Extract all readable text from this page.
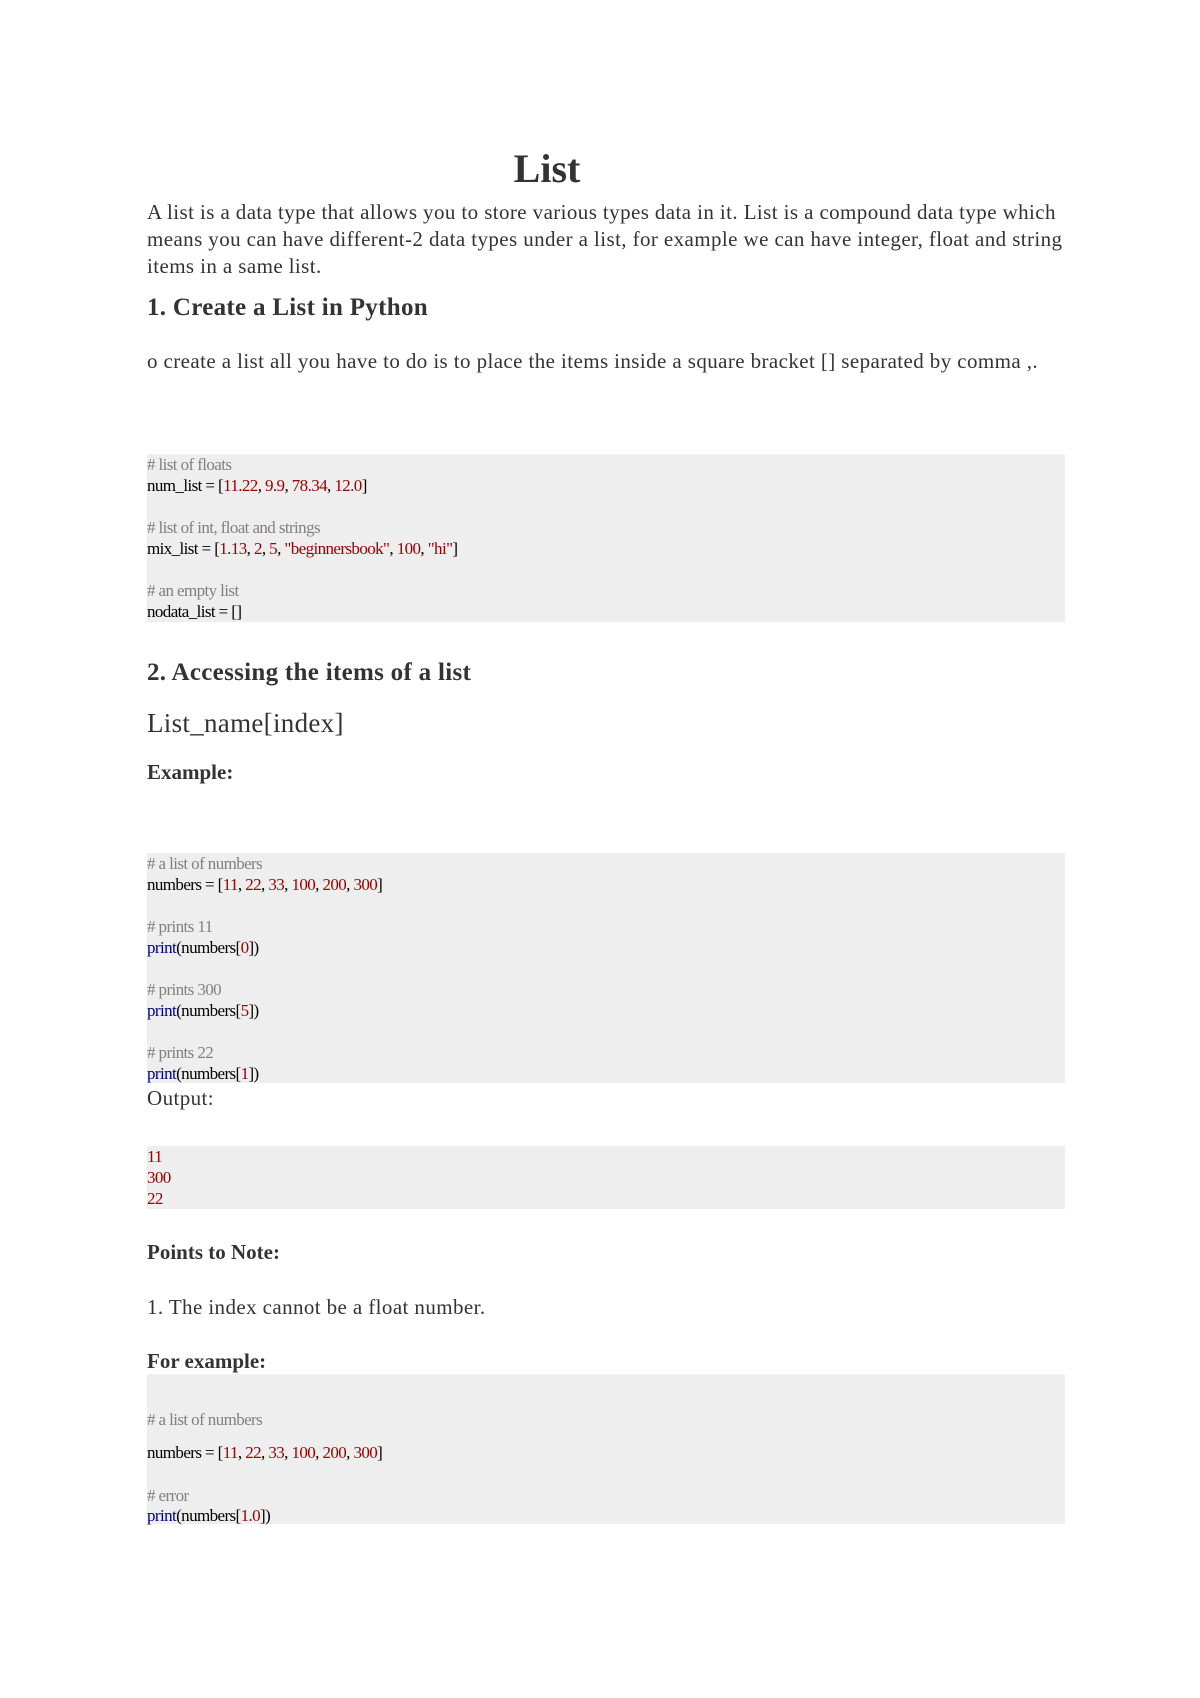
List

A list is a data type that allows you to store various types data in it. List is a compound data type which means you can have different-2 data types under a list, for example we can have integer, float and string items in a same list.

1. Create a List in Python

o create a list all you have to do is to place the items inside a square bracket [] separated by comma ,.

# list of floats
num_list = [11.22, 9.9, 78.34, 12.0]
# list of int, float and strings
mix_list = [1.13, 2, 5, "beginnersbook", 100, "hi"]
# an empty list
nodata_list = []
2. Accessing the items of a list
List_name[index]
Example:
# a list of numbers
numbers = [11, 22, 33, 100, 200, 300]
# prints 11
print(numbers[0])
# prints 300
print(numbers[5])
# prints 22
print(numbers[1])
Output:
11
300
22
Points to Note:
1. The index cannot be a float number.
For example:
# a list of numbers
numbers = [11, 22, 33, 100, 200, 300]
# error
print(numbers[1.0])
